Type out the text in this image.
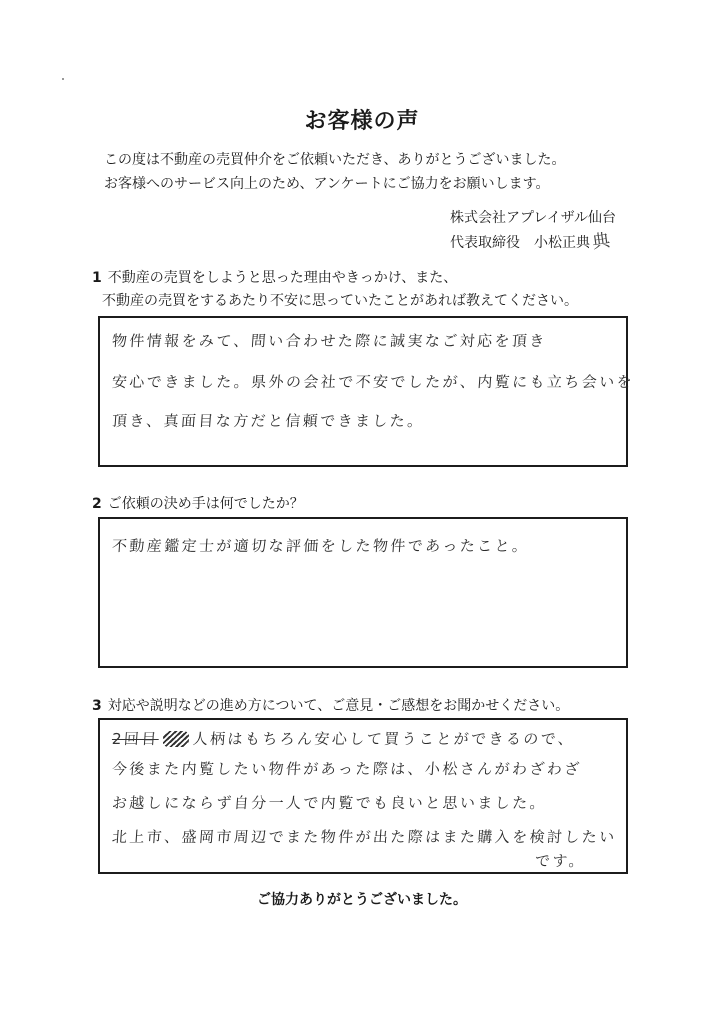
お客様の声
この度は不動産の売買仲介をご依頼いただき、ありがとうございました。
お客様へのサービス向上のため、アンケートにご協力をお願いします。
株式会社アプレイザル仙台
代表取締役 小松正典典
1 不動産の売買をしようと思った理由やきっかけ、また、
不動産の売買をするあたり不安に思っていたことがあれば教えてください。
物件情報をみて、問い合わせた際に誠実なご対応を頂き
安心できました。県外の会社で不安でしたが、内覧にも立ち会いを
頂き、真面目な方だと信頼できました。
2 ご依頼の決め手は何でしたか？
不動産鑑定士が適切な評価をした物件であったこと。
3 対応や説明などの進め方について、ご意見・ご感想をお聞かせください。
2回目 人柄はもちろん安心して買うことができるので、
今後また内覧したい物件があった際は、小松さんがわざわざ
お越しにならず自分一人で内覧でも良いと思いました。
北上市、盛岡市周辺でまた物件が出た際はまた購入を検討したい
です。
ご協力ありがとうございました。
